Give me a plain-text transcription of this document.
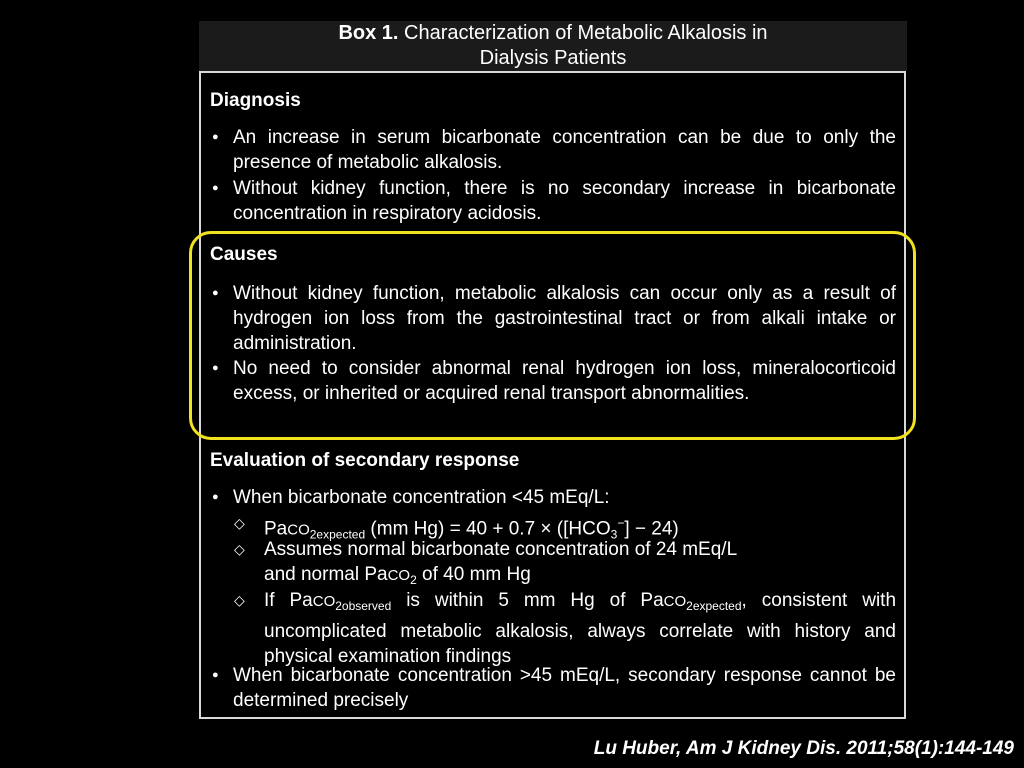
Box 1. Characterization of Metabolic Alkalosis in
Dialysis Patients
Diagnosis
An increase in serum bicarbonate concentration can be due to only the presence of metabolic alkalosis.
Without kidney function, there is no secondary increase in bicarbonate concentration in respiratory acidosis.
Causes
Without kidney function, metabolic alkalosis can occur only as a result of hydrogen ion loss from the gastrointestinal tract or from alkali intake or administration.
No need to consider abnormal renal hydrogen ion loss, mineralocorticoid excess, or inherited or acquired renal transport abnormalities.
Evaluation of secondary response
When bicarbonate concentration <45 mEq/L:
◇ PaCO$_{2expected}$ (mm $Hg) = 40 + 0.7 \times ([HCO_3^-] - 24)$
◇ Assumes normal bicarbonate concentration of 24 mEq/L
and normal PaCO$_2$ of 40 mm Hg
◇ If PaCO$_{2observed}$ is within 5 mm Hg of PaCO$_{2expected}$, consistent with uncomplicated metabolic alkalosis, always correlate with history and physical examination findings
When bicarbonate concentration >45 mEq/L, secondary response cannot be determined precisely
Lu Huber, Am J Kidney Dis. 2011;58(1):144-149
